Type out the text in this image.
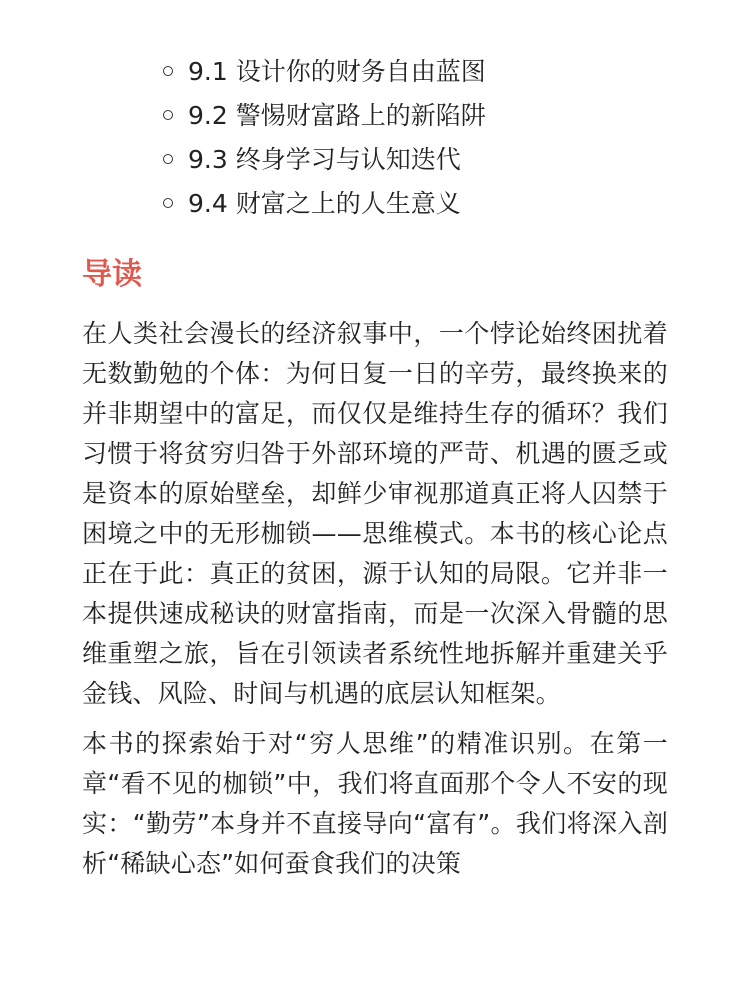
9.1 设计你的财务自由蓝图
9.2 警惕财富路上的新陷阱
9.3 终身学习与认知迭代
9.4 财富之上的人生意义
导读

在人类社会漫长的经济叙事中，一个悖论始终困扰着无数勤勉的个体：为何日复一日的辛劳，最终换来的并非期望中的富足，而仅仅是维持生存的循环？我们习惯于将贫穷归咎于外部环境的严苛、机遇的匮乏或是资本的原始壁垒，却鲜少审视那道真正将人囚禁于困境之中的无形枷锁——思维模式。本书的核心论点正在于此：真正的贫困，源于认知的局限。它并非一本提供速成秘诀的财富指南，而是一次深入骨髓的思维重塑之旅，旨在引领读者系统性地拆解并重建关乎金钱、风险、时间与机遇的底层认知框架。

本书的探索始于对“穷人思维”的精准识别。在第一章“看不见的枷锁”中，我们将直面那个令人不安的现实：“勤劳”本身并不直接导向“富有”。我们将深入剖析“稀缺心态”如何蚕食我们的决策
